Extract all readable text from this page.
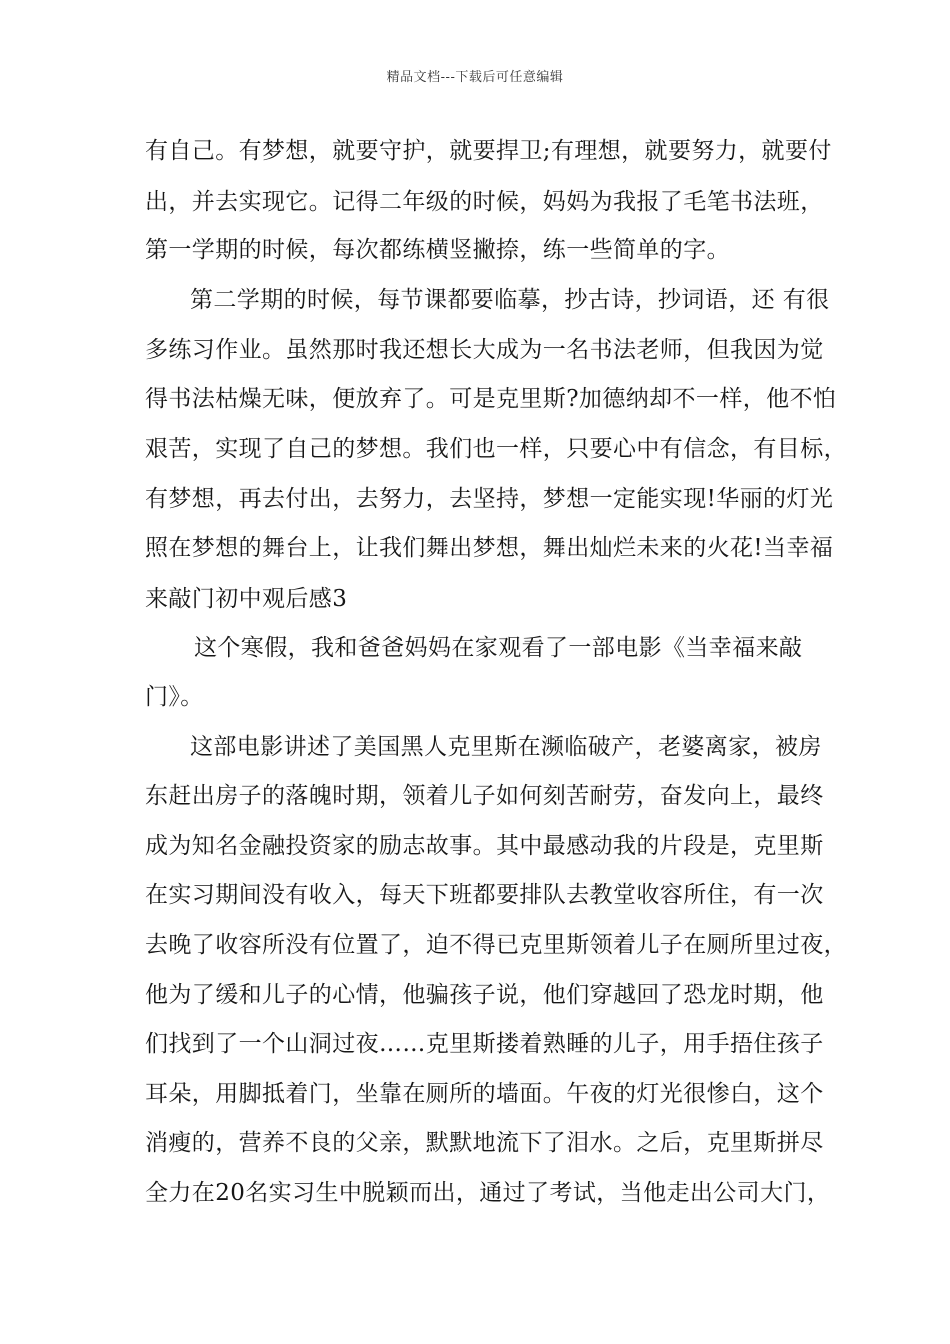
精品文档---下载后可任意编辑
有自己。有梦想，就要守护，就要捍卫;有理想，就要努力，就要付
出，并去实现它。记得二年级的时候，妈妈为我报了毛笔书法班，
第一学期的时候，每次都练横竖撇捺，练一些简单的字。
第二学期的时候，每节课都要临摹，抄古诗，抄词语，还 有很
多练习作业。虽然那时我还想长大成为一名书法老师，但我因为觉
得书法枯燥无味，便放弃了。可是克里斯?加德纳却不一样，他不怕
艰苦，实现了自己的梦想。我们也一样，只要心中有信念，有目标，
有梦想，再去付出，去努力，去坚持，梦想一定能实现!华丽的灯光
照在梦想的舞台上，让我们舞出梦想，舞出灿烂未来的火花!当幸福
来敲门初中观后感3
这个寒假，我和爸爸妈妈在家观看了一部电影《当幸福来敲
门》。
这部电影讲述了美国黑人克里斯在濒临破产，老婆离家，被房
东赶出房子的落魄时期，领着儿子如何刻苦耐劳，奋发向上，最终
成为知名金融投资家的励志故事。其中最感动我的片段是，克里斯
在实习期间没有收入，每天下班都要排队去教堂收容所住，有一次
去晚了收容所没有位置了，迫不得已克里斯领着儿子在厕所里过夜，
他为了缓和儿子的心情，他骗孩子说，他们穿越回了恐龙时期，他
们找到了一个山洞过夜……克里斯搂着熟睡的儿子，用手捂住孩子
耳朵，用脚抵着门，坐靠在厕所的墙面。午夜的灯光很惨白，这个
消瘦的，营养不良的父亲，默默地流下了泪水。之后，克里斯拼尽
全力在20名实习生中脱颖而出，通过了考试，当他走出公司大门，
